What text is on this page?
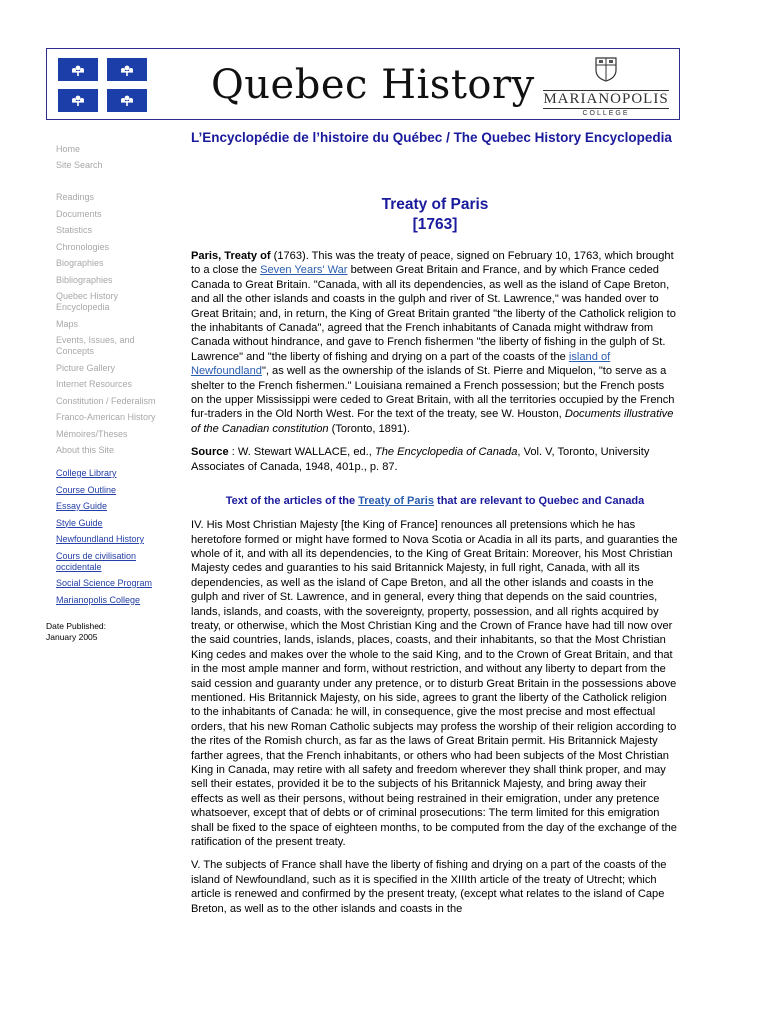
Quebec History MARIANOPOLIS
COLLEGE
Home
Site Search
Readings
Documents
Statistics
Chronologies
Biographies
Bibliographies
Quebec History Encyclopedia
Maps
Events, Issues, and Concepts
Picture Gallery
Internet Resources
Constitution / Federalism
Franco-American History
Mémoires/Theses
About this Site
College Library
Course Outline
Essay Guide
Style Guide
Newfoundland History
Cours de civilisation occidentale
Social Science Program
Marianopolis College
Date Published:
January 2005
L’Encyclopédie de l’histoire du Québec / The Quebec History Encyclopedia
Treaty of Paris
[1763]

Paris, Treaty of (1763). This was the treaty of peace, signed on February 10, 1763, which brought to a close the Seven Years' War between Great Britain and France, and by which France ceded Canada to Great Britain. "Canada, with all its dependencies, as well as the island of Cape Breton, and all the other islands and coasts in the gulph and river of St. Lawrence," was handed over to Great Britain; and, in return, the King of Great Britain granted "the liberty of the Catholick religion to the inhabitants of Canada", agreed that the French inhabitants of Canada might withdraw from Canada without hindrance, and gave to French fishermen "the liberty of fishing in the gulph of St. Lawrence" and "the liberty of fishing and drying on a part of the coasts of the island of Newfoundland", as well as the ownership of the islands of St. Pierre and Miquelon, "to serve as a shelter to the French fishermen." Louisiana remained a French possession; but the French posts on the upper Mississippi were ceded to Great Britain, with all the territories occupied by the French fur-traders in the Old North West. For the text of the treaty, see W. Houston, Documents illustrative of the Canadian constitution (Toronto, 1891).

Source : W. Stewart WALLACE, ed., The Encyclopedia of Canada, Vol. V, Toronto, University Associates of Canada, 1948, 401p., p. 87.

Text of the articles of the Treaty of Paris that are relevant to Quebec and Canada

IV. His Most Christian Majesty [the King of France] renounces all pretensions which he has heretofore formed or might have formed to Nova Scotia or Acadia in all its parts, and guaranties the whole of it, and with all its dependencies, to the King of Great Britain: Moreover, his Most Christian Majesty cedes and guaranties to his said Britannick Majesty, in full right, Canada, with all its dependencies, as well as the island of Cape Breton, and all the other islands and coasts in the gulph and river of St. Lawrence, and in general, every thing that depends on the said countries, lands, islands, and coasts, with the sovereignty, property, possession, and all rights acquired by treaty, or otherwise, which the Most Christian King and the Crown of France have had till now over the said countries, lands, islands, places, coasts, and their inhabitants, so that the Most Christian King cedes and makes over the whole to the said King, and to the Crown of Great Britain, and that in the most ample manner and form, without restriction, and without any liberty to depart from the said cession and guaranty under any pretence, or to disturb Great Britain in the possessions above mentioned. His Britannick Majesty, on his side, agrees to grant the liberty of the Catholick religion to the inhabitants of Canada: he will, in consequence, give the most precise and most effectual orders, that his new Roman Catholic subjects may profess the worship of their religion according to the rites of the Romish church, as far as the laws of Great Britain permit. His Britannick Majesty farther agrees, that the French inhabitants, or others who had been subjects of the Most Christian King in Canada, may retire with all safety and freedom wherever they shall think proper, and may sell their estates, provided it be to the subjects of his Britannick Majesty, and bring away their effects as well as their persons, without being restrained in their emigration, under any pretence whatsoever, except that of debts or of criminal prosecutions: The term limited for this emigration shall be fixed to the space of eighteen months, to be computed from the day of the exchange of the ratification of the present treaty.

V. The subjects of France shall have the liberty of fishing and drying on a part of the coasts of the island of Newfoundland, such as it is specified in the XIIIth article of the treaty of Utrecht; which article is renewed and confirmed by the present treaty, (except what relates to the island of Cape Breton, as well as to the other islands and coasts in the
